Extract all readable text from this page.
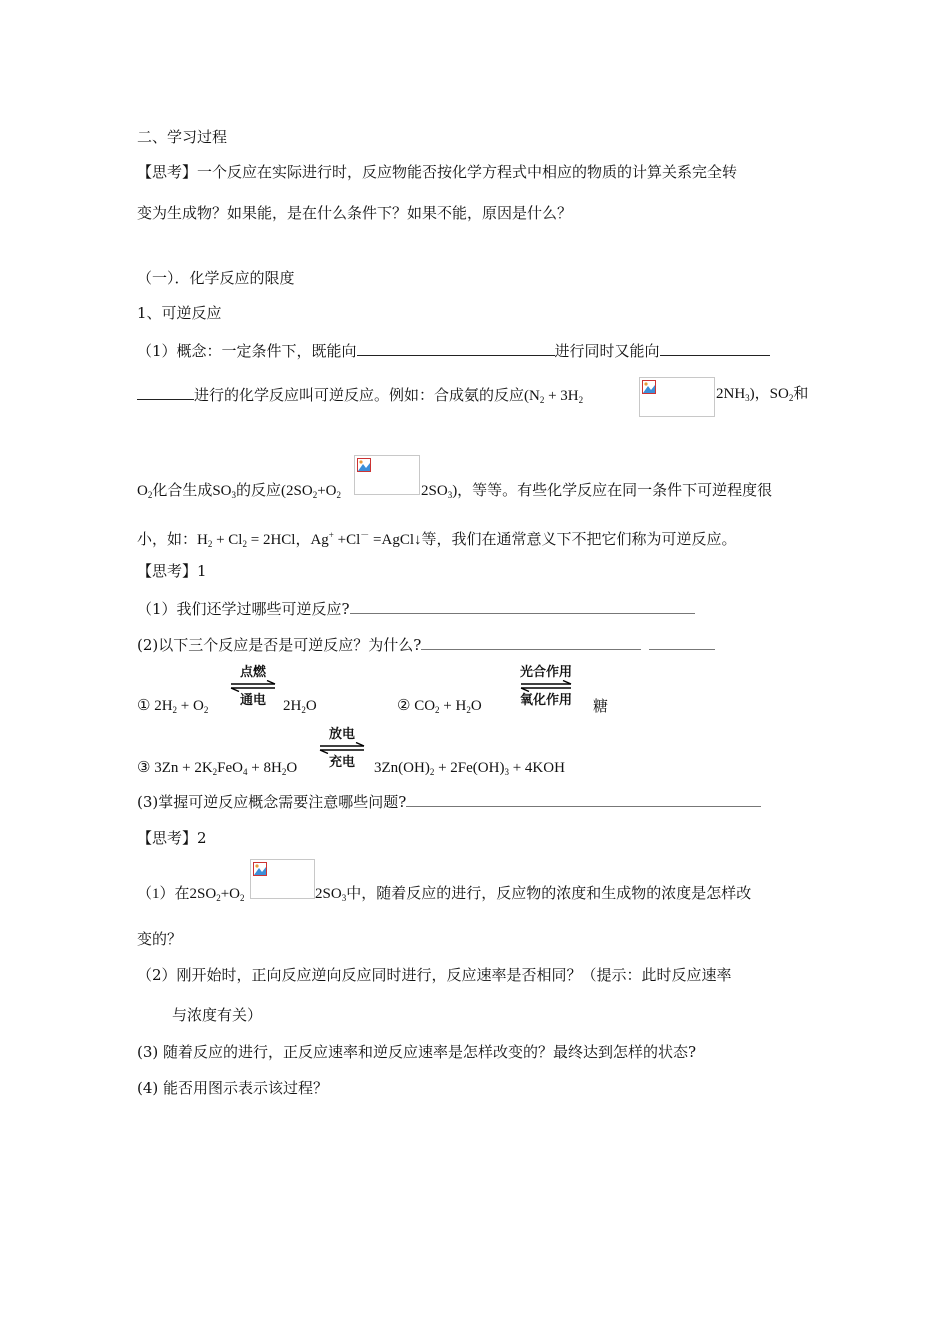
二、学习过程
【思考】一个反应在实际进行时，反应物能否按化学方程式中相应的物质的计算关系完全转
变为生成物？如果能，是在什么条件下？如果不能，原因是什么？
（一）．化学反应的限度
1、可逆反应
（1）概念：一定条件下，既能向	进行同时又能向
进行的化学反应叫可逆反应。例如：合成氨的反应($N_2 + 3H_2$	$2NH_3$)，$SO_2$和
$O_2$化合生成$SO_3$的反应($2SO_2+O_2$	$2SO_3$)，等等。有些化学反应在同一条件下可逆程度很
小，如：$H_2 + Cl_2 = 2HCl$，Ag+ +Cl－ =AgCl↓等，我们在通常意义下不把它们称为可逆反应。
【思考】1
（1）我们还学过哪些可逆反应?
(2)以下三个反应是否是可逆反应？为什么?
① $2H_2 + O_2$
点燃
通电	$2H_2O$	② $CO_2 + H_2O$
光合作用
氧化作用	糖
③ $3Zn + 2K_2FeO_4 + 8H_2O$
放电
充电	$3Zn(OH)_2 + 2Fe(OH)_3 + 4KOH$
(3)掌握可逆反应概念需要注意哪些问题?
【思考】2
（1）在$2SO_2+O_2$	$2SO_3$中，随着反应的进行，反应物的浓度和生成物的浓度是怎样改
变的？
（2）刚开始时，正向反应逆向反应同时进行，反应速率是否相同？（提示：此时反应速率
与浓度有关）
(3) 随着反应的进行，正反应速率和逆反应速率是怎样改变的？最终达到怎样的状态?
(4) 能否用图示表示该过程？
